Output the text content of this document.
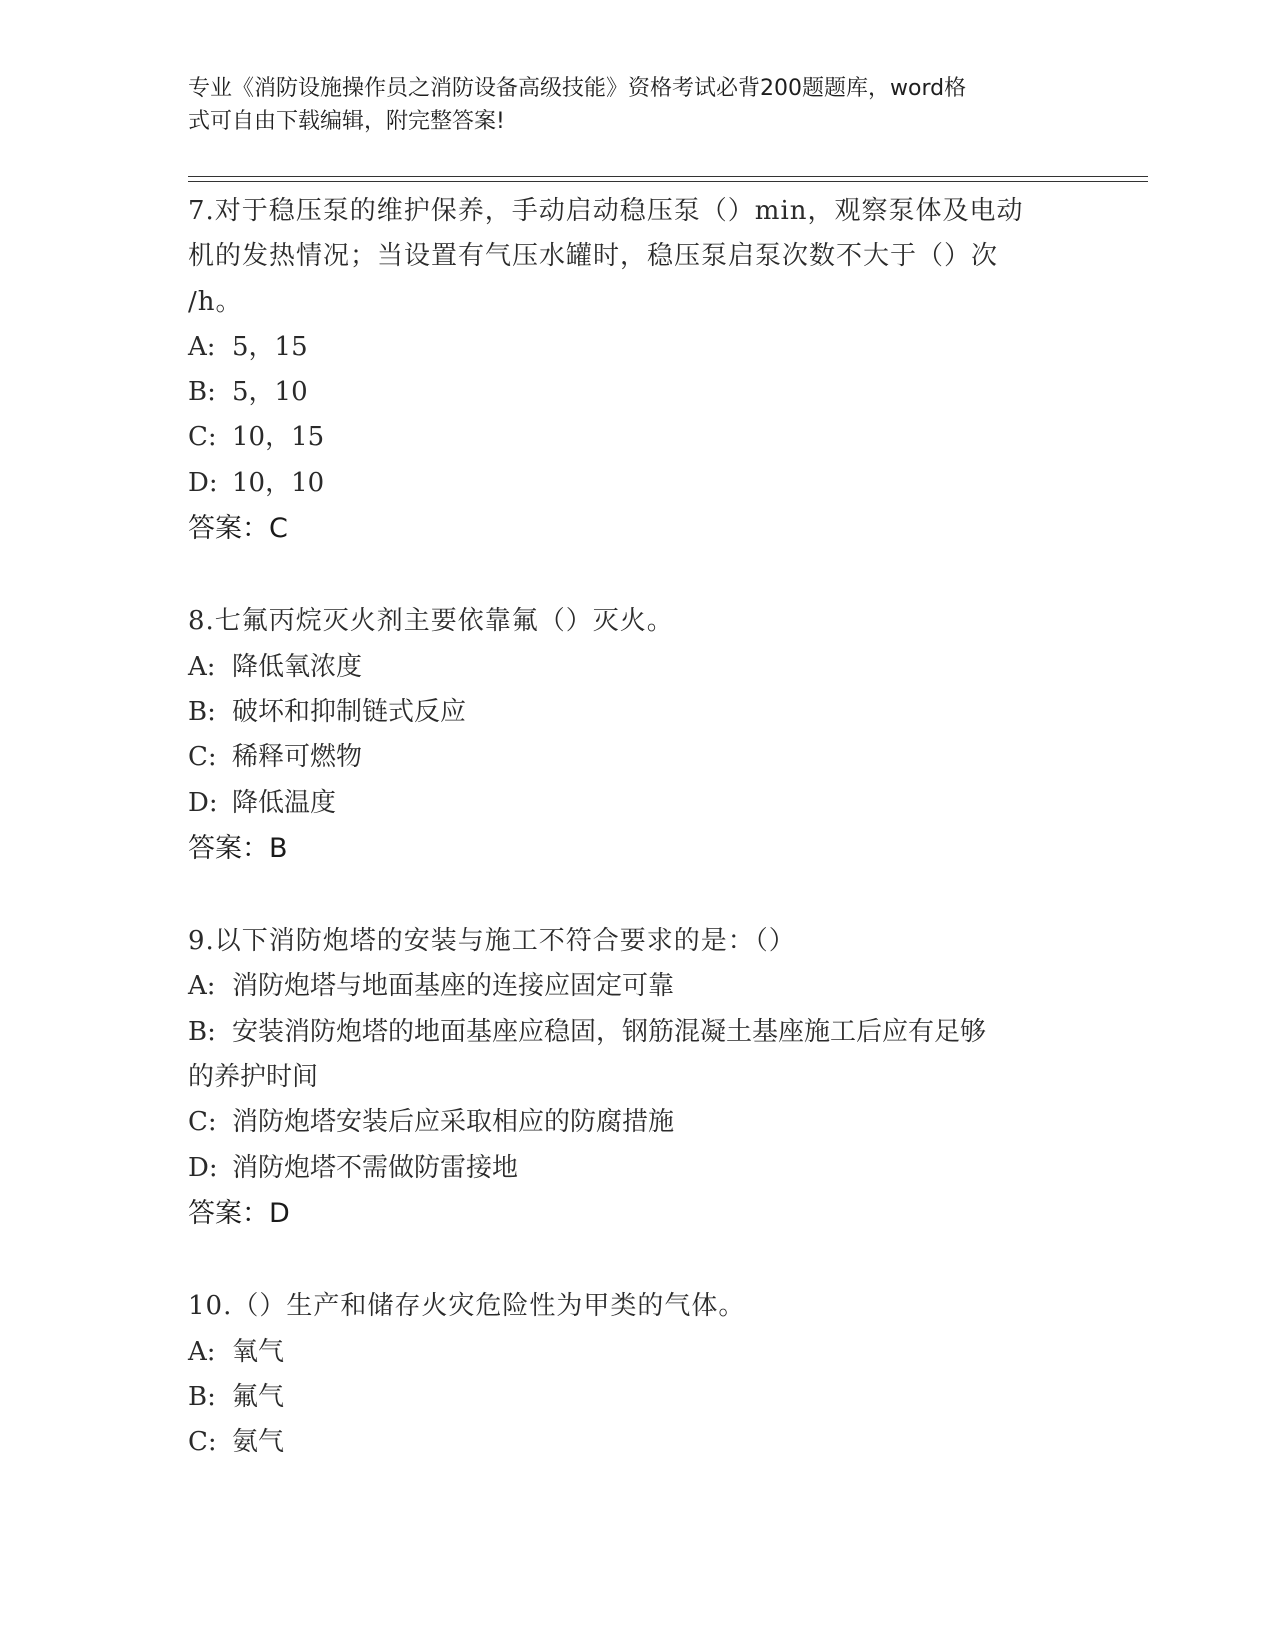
专业《消防设施操作员之消防设备高级技能》资格考试必背200题题库，word格
式可自由下载编辑，附完整答案!
7.对于稳压泵的维护保养，手动启动稳压泵（）min，观察泵体及电动
机的发热情况；当设置有气压水罐时，稳压泵启泵次数不大于（）次
/h。
A: 5，15
B: 5，10
C: 10，15
D: 10，10
答案：C
8.七氟丙烷灭火剂主要依靠氟（）灭火。
A: 降低氧浓度
B: 破坏和抑制链式反应
C: 稀释可燃物
D: 降低温度
答案：B
9.以下消防炮塔的安装与施工不符合要求的是：（）
A: 消防炮塔与地面基座的连接应固定可靠
B: 安装消防炮塔的地面基座应稳固，钢筋混凝土基座施工后应有足够
的养护时间
C: 消防炮塔安装后应采取相应的防腐措施
D: 消防炮塔不需做防雷接地
答案：D
10.（）生产和储存火灾危险性为甲类的气体。
A: 氧气
B: 氟气
C: 氨气
